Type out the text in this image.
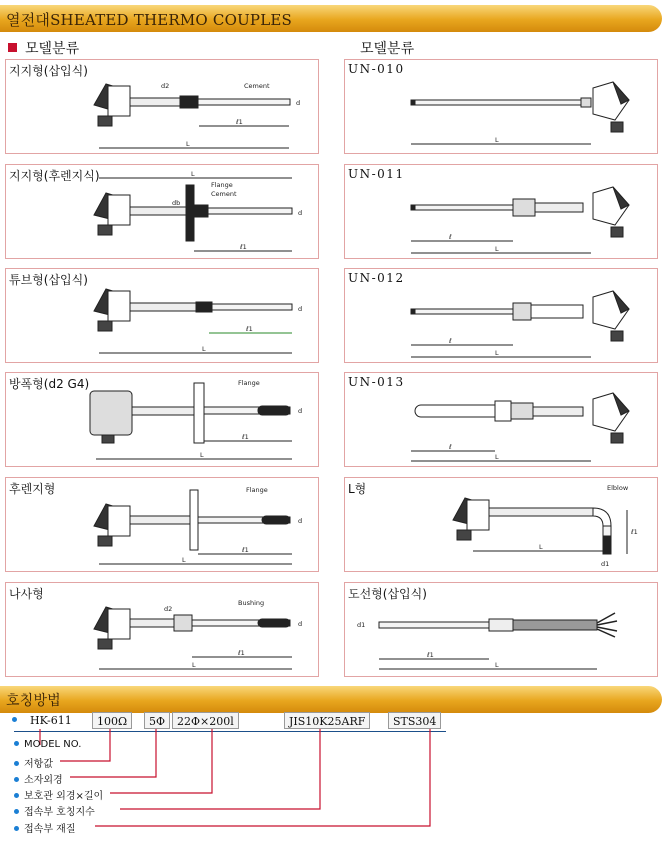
열전대SHEATED THERMO COUPLES
모델분류	모델분류
지지형(삽입식)
d2	Cement
d
ℓ1
L
지지형(후렌지식)	L
Flange
Cement
db
d
ℓ1
튜브형(삽입식)
d
ℓ1
L
방폭형(d2 G4)	Flange
d
ℓ1
L
후렌지형	Flange
d
ℓ1
L
나사형
d2
Bushing
d
ℓ1
L
UN-010
L
UN-011
ℓ
L
UN-012
ℓ
L
UN-013
ℓ
L
L형	Elblow
ℓ1
L
d1
도선형(삽입식)
d1
ℓ1
L
호칭방법
HK-611	100Ω	5Φ	22Φ×200l	JIS10K25ARF	STS304
MODEL NO.
저항값
소자외경
보호관 외경×길이
접속부 호칭지수
접속부 재질
